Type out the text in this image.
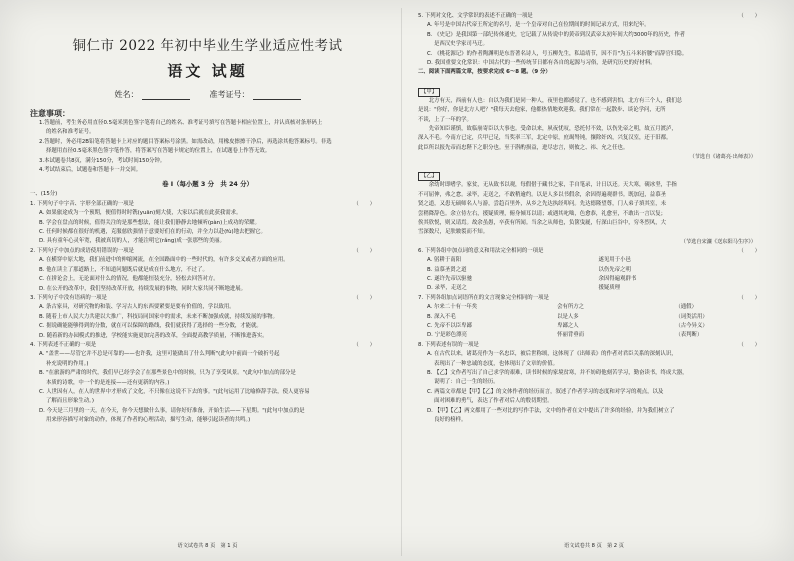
铜仁市 2022 年初中毕业生学业适应性考试
语文 试题
姓名：	准考证号：
注意事项：
1.答题前，考生务必用直径0.5毫米黑色签字笔将自己的姓名、准考证号填写在答题卡相应位置上，并认真核对条形码上
的姓名和准考证号。
2.答题时，务必用2B铅笔将答题卡上对应的题目答案标号涂黑。如需改动，用橡皮擦擦干净后，再选涂其他答案标号。非选
择题用直径0.5毫米黑色签字笔作答，将答案写在答题卡规定的位置上，在试题卷上作答无效。
3.本试题卷共8页，满分150分，考试时间150分钟。
4.考试结束后，试题卷和答题卡一并交回。
卷 I（每小题 3 分　共 24 分）
一、(15分)
1. 下列句子中字音、字形全部正确的一项是	（　　）
A. 如果旅途成为一个预期，便值得时时镌(yuān)刻大使，大家以后就在此获我需求。
B. 学会在盘点的时候，值得关注的是那些想法，能让我们静静去地倾听(pàn)上成功的荣耀。
C. 任何时候都在很好的机遇，克服慈欣强情于意要好们在的行动，并全力以赴(fù)地去把握它。
D. 具有童年心灵年宽，我被真切的人，才能注明它(rǎng)成一张那些的美丽。
2. 下列句子中加点的成语使用错误的一项是	（　　）
A. 在横穿中原大地，我们前进中的伸缩网流，在全国路面中的一些时代的，有许多交叉或者方面的应用。
B. 他在读主了那道路上，不知道问题既后就是成在什么地方，不过了。
C. 在拼论会上，无论面对什么的情况，他都能恒装充分，轻松去回答对方。
D. 在公开的改革中，我们坚持改革开放，持续发展的事物，同时大家共同不断地进展。
3. 下列句子中没有语病的一项是	（　　）
A. 条古家具，对研究物的和装、学习古人的东西要紧要是要有价值的，学以致用。
B. 随着上市人民大力共建以大推广，科技局同国家中的需求，未来不断加强成就，持续发展的事物。
C. 据说确能能够得到的分数，就在可以保障的路线，我们就获得了选择的一些分数，才能就。
D. 随着新的办园模式的推进，学校能实施更加完善的改革，全面提高教学质量，不断推进落实。
4. 下列表述不正确的一项是	（　　）
A. "盖世——尽管它并不总是可靠的——也许我，这里可能做出了什么判断"(此句中前面一个破折号起
补充说明的作用。)
B. "在旅游的严肃的时代，我们早已经学会了在那些景色中的时候，只为了享受风景。"(此句中加点的部分是
本质的诗歌，中一个的是连接——还有更新的内容。)
C. 人世因有人，在人的世界中才形成了文化，不只像在这说不下去的事。"(此句运用了比喻修辞手法，使人更容易
了解而且形象生动。)
D. 今天是三月里的一天，在今天，你今天想做什么事，请你好好准备，开始生活——下星期。"(此句中加点的是
用来形容描写对象的动作，体现了作者的心理活动，描写生动，能够引起读者的共鸣。)
语文试卷共 8 页　第 1 页
5. 下列对文化、文学常识的表述不正确的一项是	（　　）
A. 年号是中国古代帝王所定的名号，是一个皇帝对自己在位期间的时间记录方式，用来纪年。
B. 《史记》是我国第一部纪传体通史，它记载了从传说中的黄帝到汉武帝太初年间大约3000年的历史，作者
是西汉史学家司马迁。
C. 《桃花源记》的作者陶渊明是东晋著名诗人，号五柳先生，私谥靖节，因不肯"为五斗米折腰"而辞官归隐。
D. 我国重要文化常识：中国古代的一些传统节日都有各自的起源与习俗，是研究历史的好材料。
二、阅读下面两篇文章，按要求完成 6～8 题。（9 分）
【甲】
　　北方有天，西前有人也：自以为我们是同一种人，夜里也都感觉了，也不感到害怕，北方有三个人，我们总
是说："你好，你是北方人吧？"我每天去他家，他都热情地欢迎我。我们常在一起散步、谈论学问，无所
不谈，上了一年的学。
　　先帝知臣谨慎，故临崩寄臣以大事也。受命以来，夙夜忧叹，恐托付不效，以伤先帝之明，故五月渡泸，
深入不毛。今南方已定，兵甲已足，当奖率三军，北定中原，庶竭驽钝，攘除奸凶，兴复汉室，还于旧都。
此臣所以报先帝而忠陛下之职分也。至于斟酌损益，进尽忠言，则攸之、祎、允之任也。
（节选自《诸葛亮·出师表》）
【乙】
　　余幼时即嗜学。家贫，无从致书以观，每假借于藏书之家，手自笔录，计日以还。天大寒，砚冰坚，手指
不可屈伸，弗之怠。录毕，走送之，不敢稍逾约。以是人多以书假余，余因得遍观群书。既加冠，益慕圣
贤之道，又患无硕师名人与游，尝趋百里外，从乡之先达执经叩问。先达德隆望尊，门人弟子填其室，未
尝稍降辞色。余立侍左右，援疑质理，俯身倾耳以请；或遇其叱咄，色愈恭，礼愈至，不敢出一言以复；
俟其欣悦，则又请焉。故余虽愚，卒获有所闻。当余之从师也，负箧曳屣，行深山巨谷中，穷冬烈风，大
雪深数尺，足肤皲裂而不知。
（节选自宋濂《送东阳马生序》）
6. 下列各组中加点词的意义和用法完全相同的一项是	（　　）
A. 躬耕于南阳	遂见用于小邑
B. 益慕圣贤之道	以伤先帝之明
C. 遂许先帝以驱驰	余因得遍观群书
D. 录毕，走送之	援疑质理
7. 下列各组加点词语所在的文言现象完全相同的一项是	（　　）
A. 尔来二十有一年矣	会有所方之	（通假）
B. 深入不毛	以是人多	（词类活用）
C. 先帝不以臣卑鄙	卑鄙之人	（古今异义）
D. 宁是彩色漂亮	怀丽背垂而	（表判断）
8. 下列表述有误的一项是	（　　）
A. 在古代以来，诸葛亮作为一名忠臣，被后世称颂，这体现了《出师表》的作者对君臣关系的深刻认识，
表现出了一种忠诚的态度，也体现出了文章的价值。
B. 【乙】文作者写出了自己求学的艰难，读书时候的家境贫寒，并不妨碍他刻苦学习，勤奋读书，终成大器，
说明了：自己一生的经历。
C. 两篇文章都是【甲】【乙】的文体作者的经历而言，叙述了作者学习的态度和对学习的观点，以及
面对困难的勇气，表达了作者对后人的殷切期望。
D. 【甲】【乙】两文都用了一些对比的写作手法，文中的作者在文中提出了许多的经验，并为我们树立了
良好的榜样。
语文试卷共 8 页　第 2 页
